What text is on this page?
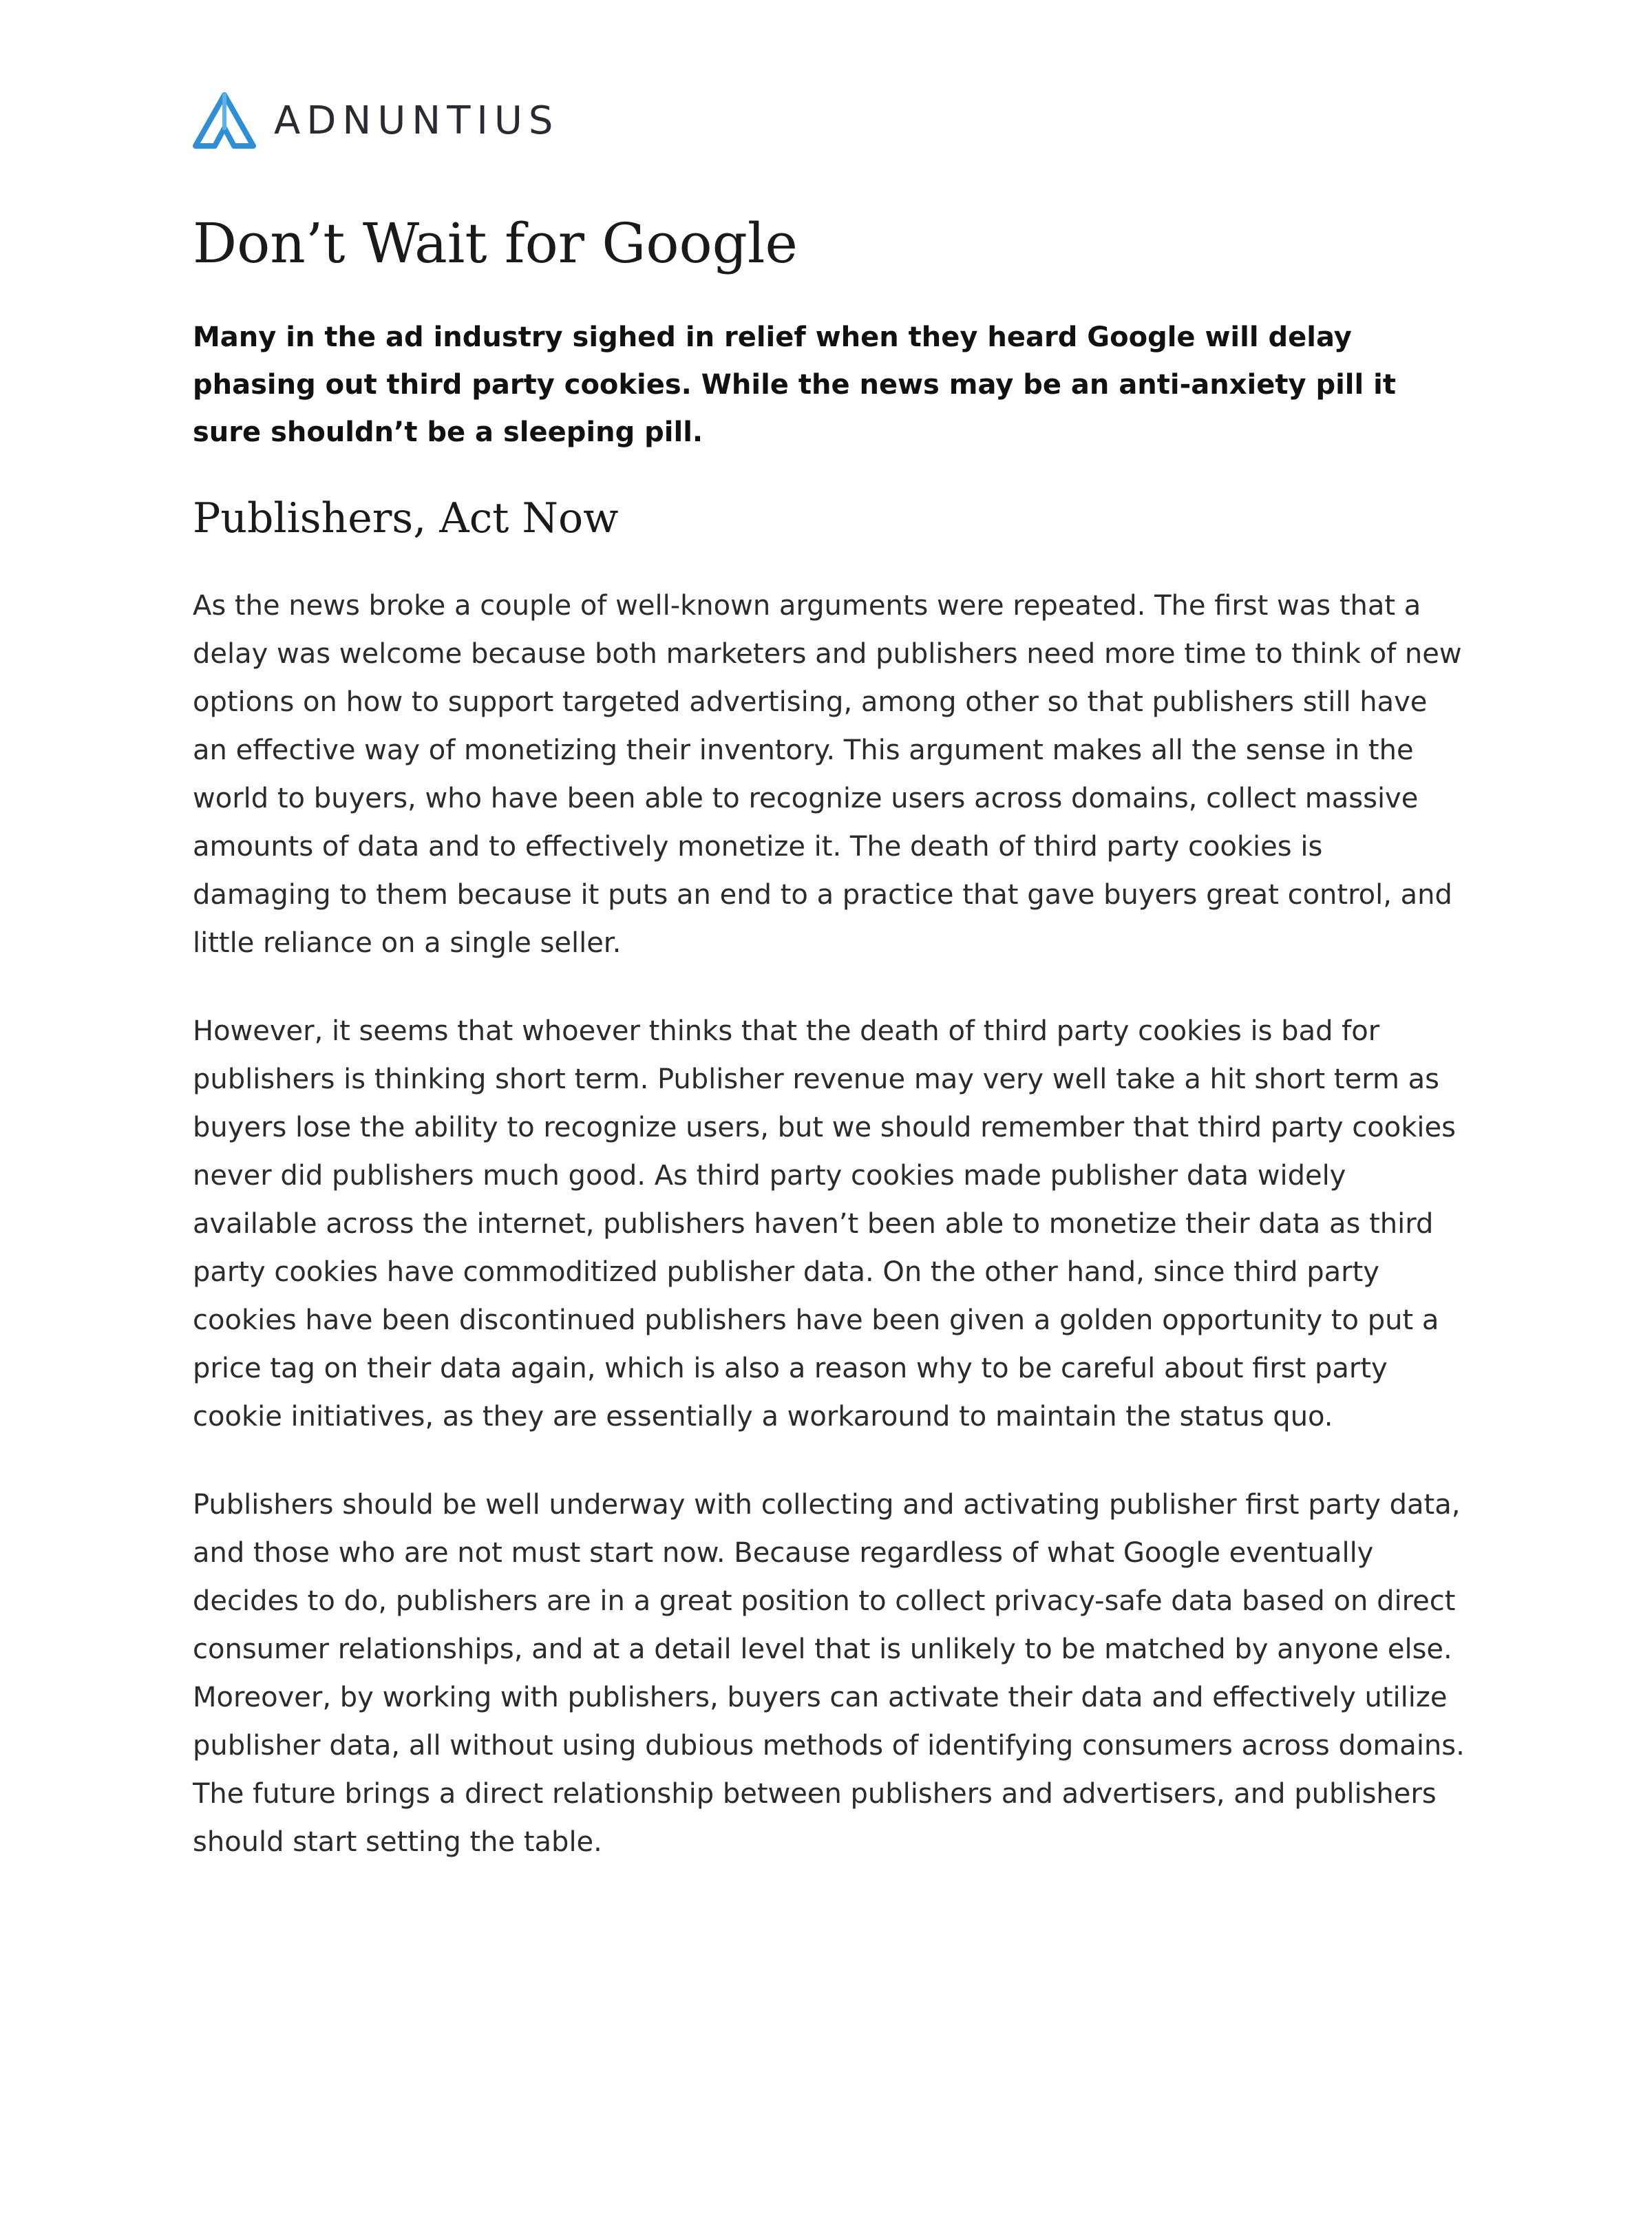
ADNUNTIUS
Don’t Wait for Google

Many in the ad industry sighed in relief when they heard Google will delay phasing out third party cookies. While the news may be an anti-anxiety pill it sure shouldn’t be a sleeping pill.

Publishers, Act Now

As the news broke a couple of well-known arguments were repeated. The first was that a delay was welcome because both marketers and publishers need more time to think of new options on how to support targeted advertising, among other so that publishers still have an effective way of monetizing their inventory. This argument makes all the sense in the world to buyers, who have been able to recognize users across domains, collect massive amounts of data and to effectively monetize it. The death of third party cookies is damaging to them because it puts an end to a practice that gave buyers great control, and little reliance on a single seller.

However, it seems that whoever thinks that the death of third party cookies is bad for publishers is thinking short term. Publisher revenue may very well take a hit short term as buyers lose the ability to recognize users, but we should remember that third party cookies never did publishers much good. As third party cookies made publisher data widely available across the internet, publishers haven’t been able to monetize their data as third party cookies have commoditized publisher data. On the other hand, since third party cookies have been discontinued publishers have been given a golden opportunity to put a price tag on their data again, which is also a reason why to be careful about first party cookie initiatives, as they are essentially a workaround to maintain the status quo.

Publishers should be well underway with collecting and activating publisher first party data, and those who are not must start now. Because regardless of what Google eventually decides to do, publishers are in a great position to collect privacy-safe data based on direct consumer relationships, and at a detail level that is unlikely to be matched by anyone else. Moreover, by working with publishers, buyers can activate their data and effectively utilize publisher data, all without using dubious methods of identifying consumers across domains. The future brings a direct relationship between publishers and advertisers, and publishers should start setting the table.
